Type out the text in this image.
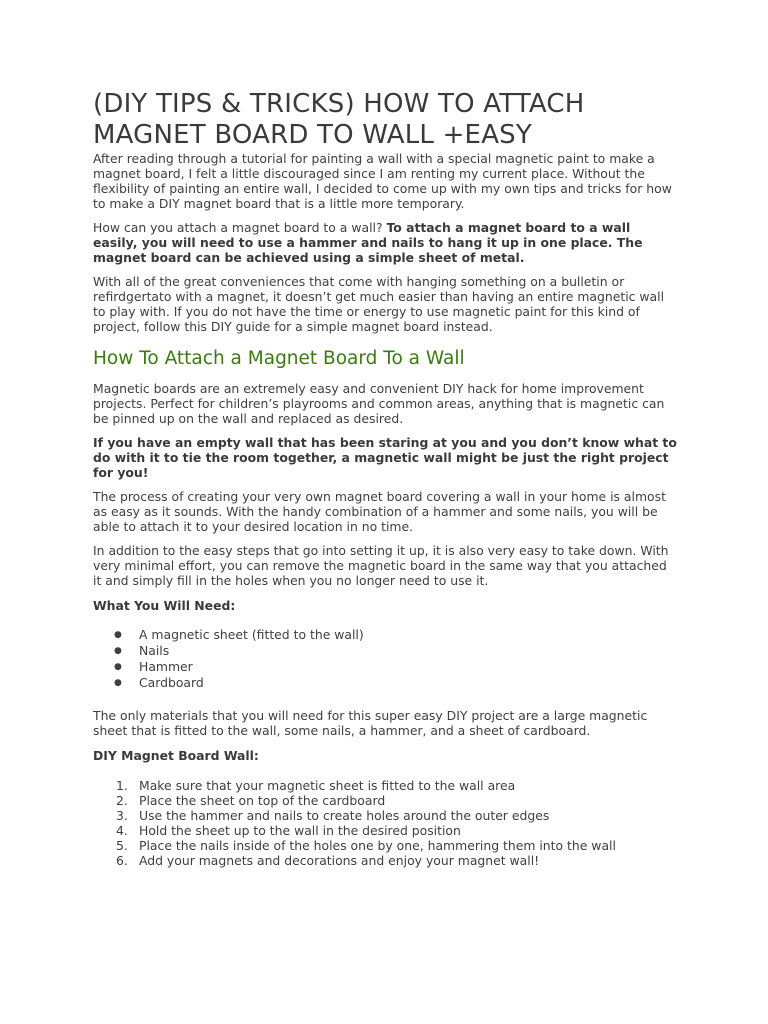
(DIY TIPS & TRICKS) HOW TO ATTACH MAGNET BOARD TO WALL +EASY

After reading through a tutorial for painting a wall with a special magnetic paint to make a magnet board, I felt a little discouraged since I am renting my current place. Without the flexibility of painting an entire wall, I decided to come up with my own tips and tricks for how to make a DIY magnet board that is a little more temporary.

How can you attach a magnet board to a wall? To attach a magnet board to a wall easily, you will need to use a hammer and nails to hang it up in one place. The magnet board can be achieved using a simple sheet of metal.

With all of the great conveniences that come with hanging something on a bulletin or refirdgertato with a magnet, it doesn’t get much easier than having an entire magnetic wall to play with. If you do not have the time or energy to use magnetic paint for this kind of project, follow this DIY guide for a simple magnet board instead.

How To Attach a Magnet Board To a Wall

Magnetic boards are an extremely easy and convenient DIY hack for home improvement projects. Perfect for children’s playrooms and common areas, anything that is magnetic can be pinned up on the wall and replaced as desired.

If you have an empty wall that has been staring at you and you don’t know what to do with it to tie the room together, a magnetic wall might be just the right project for you!

The process of creating your very own magnet board covering a wall in your home is almost as easy as it sounds. With the handy combination of a hammer and some nails, you will be able to attach it to your desired location in no time.

In addition to the easy steps that go into setting it up, it is also very easy to take down. With very minimal effort, you can remove the magnetic board in the same way that you attached it and simply fill in the holes when you no longer need to use it.

What You Will Need:
● A magnetic sheet (fitted to the wall)
● Nails
● Hammer
● Cardboard

The only materials that you will need for this super easy DIY project are a large magnetic sheet that is fitted to the wall, some nails, a hammer, and a sheet of cardboard.

DIY Magnet Board Wall:
1. Make sure that your magnetic sheet is fitted to the wall area
2. Place the sheet on top of the cardboard
3. Use the hammer and nails to create holes around the outer edges
4. Hold the sheet up to the wall in the desired position
5. Place the nails inside of the holes one by one, hammering them into the wall
6. Add your magnets and decorations and enjoy your magnet wall!
